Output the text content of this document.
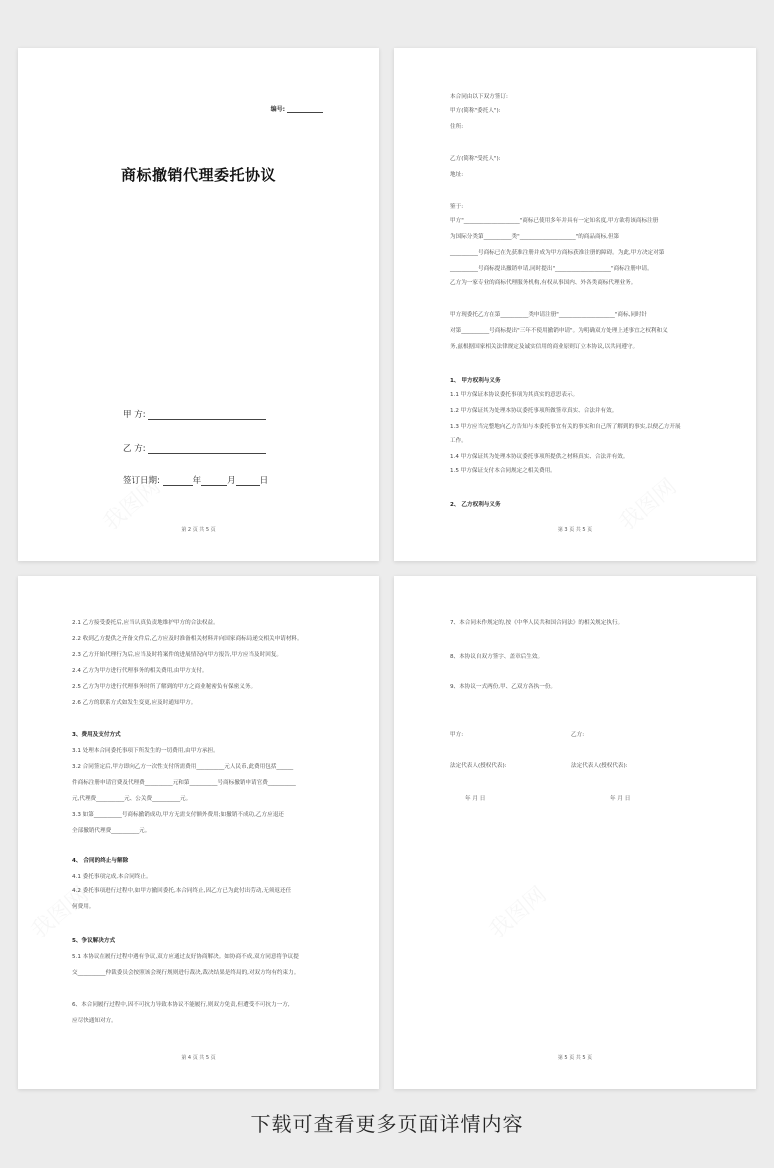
编号:
商标撤销代理委托协议
甲 方:
乙 方:
签订日期:	年	月	日
第 2 页 共 5 页
本合同由以下双方签订:
甲方(简称"委托人"):
住所:
乙方(简称"受托人"):
地址:
鉴于:
甲方"____________________"商标已使用多年并具有一定知名度,甲方欲将该商标注册
为国际分类第__________类"____________________"的商品商标,但第
__________号商标已在先获准注册并成为甲方商标获准注册的障碍。为此,甲方决定对第
__________号商标提出撤销申请,同时提出"____________________"商标注册申请。
乙方为一家专业的商标代理服务机构,有权从事国内、外各类商标代理业务。
甲方现委托乙方在第__________类申请注册"____________________"商标,同时针
对第__________号商标提出"三年不使用撤销申请"。为明确双方处理上述事宜之权利和义
务,兹根据国家相关法律规定及诚实信用的商业原则订立本协议,以共同遵守。
1、 甲方权利与义务
1.1 甲方保证本协议委托事项为其真实的意思表示。
1.2 甲方保证其为处理本协议委托事项所做签章真实、合法并有效。
1.3 甲方应当完整地向乙方告知与本委托事宜有关的事实和自己所了解到的事实,以便乙方开展
工作。
1.4 甲方保证其为处理本协议委托事项所提供之材料真实、合法并有效。
1.5 甲方保证支付本合同规定之相关费用。
2、 乙方权利与义务
第 3 页 共 5 页
2.1 乙方接受委托后,应当认真负责地维护甲方的合法权益。
2.2 收到乙方提供之齐备文件后,乙方应及时准备相关材料并向国家商标局递交相关申请材料。
2.3 乙方开始代理行为后,应当及时将案件的进展情况向甲方报告,甲方应当及时回复。
2.4 乙方为甲方进行代理事务的相关费用,由甲方支付。
2.5 乙方为甲方进行代理事务时所了解到的甲方之商业秘密负有保密义务。
2.6 乙方的联系方式如发生变更,应及时通知甲方。
3、费用及支付方式
3.1 处理本合同委托事项下所发生的一切费用,由甲方承担。
3.2 合同签定后,甲方即向乙方一次性支付所需费用__________元人民币,此费用包括______
件商标注册申请官费及代理费__________元和第__________号商标撤销申请官费__________
元,代理费__________元、公关费__________元。
3.3 如第__________号商标撤销成功,甲方无需支付额外费用;如撤销不成功,乙方应退还
全部撤销代理费__________元。
4、 合同的终止与解除
4.1 委托事项完成,本合同终止。
4.2 委托事项进行过程中,如甲方撤回委托,本合同终止,因乙方已为此付出劳动,无须返还任
何费用。
5、争议解决方式
5.1 本协议在履行过程中遇有争议,双方应通过友好协商解决。如协商不成,双方同意将争议提
交__________仲裁委员会按照该会现行规则进行裁决,裁决结果是终局的,对双方均有约束力。
6、本合同履行过程中,因不可抗力导致本协议不能履行,则双方免责,但遭受不可抗力一方,
应尽快通知对方。
第 4 页 共 5 页
7、本合同未作规定的,按《中华人民共和国合同法》的相关规定执行。
8、本协议自双方签字、盖章后生效。
9、本协议一式两份,甲、乙双方各执一份。
甲方:	乙方:
法定代表人(授权代表):	法定代表人(授权代表):
年 月 日	年 月 日
第 5 页 共 5 页
下载可查看更多页面详情内容
